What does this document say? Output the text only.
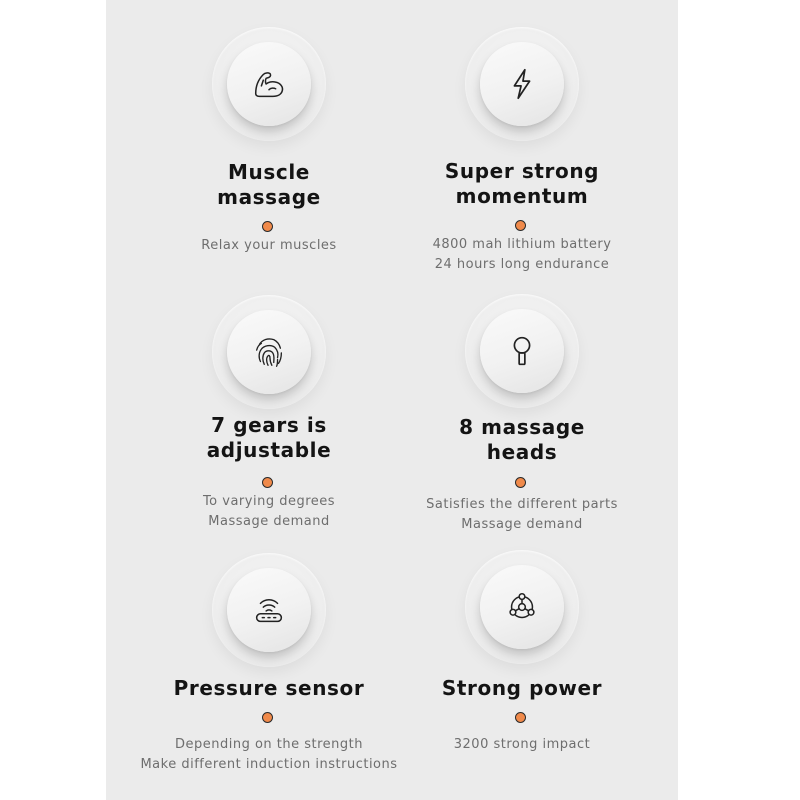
Muscle
massage
Relax your muscles
Super strong
momentum
4800 mah lithium battery
24 hours long endurance
7 gears is
adjustable
To varying degrees
Massage demand
8 massage
heads
Satisfies the different parts
Massage demand
Pressure sensor
Depending on the strength
Make different induction instructions
Strong power
3200 strong impact
